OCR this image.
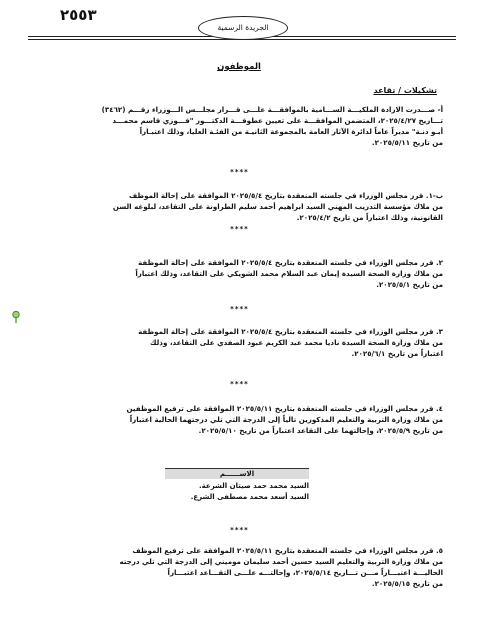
٢٥٥٣
الجريدة الرسمية
الموظفون
تشكيلات / تقاعد
أ- صـــدرت الارادة الملكيـــة الســـامية بالموافقـــة علـــى قـــرار مجلـــس الـــوزراء رقـــم (٣٤٦٢)
تـــاريخ ٢٠٢٥/٤/٢٧، المتضمن الموافقـــة على تعيين عطوفـــة الدكتـــور "فـــوزي قاسم محمـــد
أبـو دنـة" مديراً عاماً لدائرة الآثار العامة بالمجموعة الثانيـة من الفئـة العليا، وذلك اعتبـاراً
من تاريخ ٢٠٢٥/٥/١١.
****
ب-١. قرر مجلس الوزراء في جلسته المنعقدة بتاريخ ٢٠٢٥/٥/٤ الموافقة على إحالة الموظف
من ملاك مؤسسة التدريب المهني السيد ابراهيم أحمد سليم الطراونة على التقاعد، لبلوغه السن
القانونية، وذلك اعتباراً من تاريخ ٢٠٢٥/٤/٢.
****
٢. قرر مجلس الوزراء في جلسته المنعقدة بتاريخ ٢٠٢٥/٥/٤ الموافقة على إحالة الموظفة
من ملاك وزارة الصحة السيدة إيمان عبد السلام محمد الشويكي على التقاعد، وذلك اعتباراً
من تاريخ ٢٠٢٥/٥/١.
****
٣. قرر مجلس الوزراء في جلسته المنعقدة بتاريخ ٢٠٢٥/٥/٤ الموافقة على إحالة الموظفة
من ملاك وزارة الصحة السيدة ناديا محمد عبد الكريم عبود الصفدي على التقاعد، وذلك
اعتباراً من تاريخ ٢٠٢٥/٦/١.
****
٤. قرر مجلس الوزراء في جلسته المنعقدة بتاريخ ٢٠٢٥/٥/١١ الموافقة على ترفيع الموظفين
من ملاك وزارة التربية والتعليم المذكورين تالياً إلى الدرجة التي تلي درجتهما الحالية اعتباراً
من تاريخ ٢٠٢٥/٥/٩، وإحالتهما على التقاعد اعتباراً من تاريخ ٢٠٢٥/٥/١٠.
الاســــــم
السيد محمد حمد صيتان الشرعة.
السيد أسعد محمد مصطفى الشرع.
****
٥. قرر مجلس الوزراء في جلسته المنعقدة بتاريخ ٢٠٢٥/٥/١١ الموافقة على ترفيع الموظف
من ملاك وزارة التربية والتعليم السيد حسين أحمد سليمان موميني إلى الدرجة التي تلي درجته
الحاليـــة اعتبـــاراً مـــن تـــاريخ ٢٠٢٥/٥/١٤، وإحالتـــه علـــى التقـــاعد اعتبـــاراً
من تاريخ ٢٠٢٥/٥/١٥.
